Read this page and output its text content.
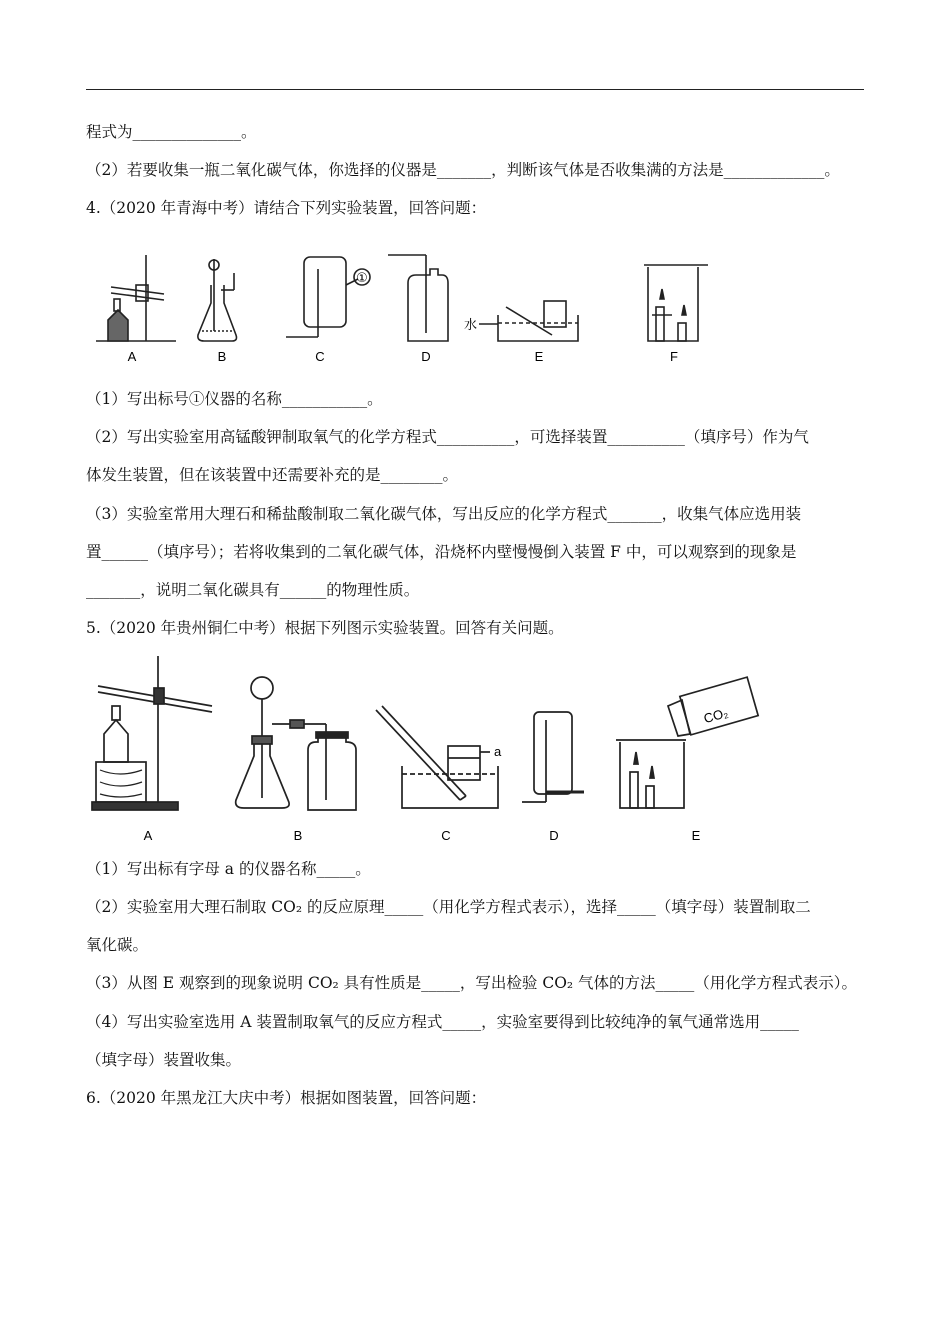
程式为______________。
（2）若要收集一瓶二氧化碳气体，你选择的仪器是_______，判断该气体是否收集满的方法是_____________。
4.（2020 年青海中考）请结合下列实验装置，回答问题：
A	B	C	D	E	F
①
水
（1）写出标号①仪器的名称___________。
（2）写出实验室用高锰酸钾制取氧气的化学方程式__________，可选择装置__________（填序号）作为气
体发生装置，但在该装置中还需要补充的是________。
（3）实验室常用大理石和稀盐酸制取二氧化碳气体，写出反应的化学方程式_______，收集气体应选用装
置______（填序号）；若将收集到的二氧化碳气体，沿烧杯内壁慢慢倒入装置 F 中，可以观察到的现象是
_______，说明二氧化碳具有______的物理性质。
5.（2020 年贵州铜仁中考）根据下列图示实验装置。回答有关问题。
A	B	C	D	E
a
CO₂
（1）写出标有字母 a 的仪器名称_____。
（2）实验室用大理石制取 CO₂ 的反应原理_____（用化学方程式表示），选择_____（填字母）装置制取二
氧化碳。
（3）从图 E 观察到的现象说明 CO₂ 具有性质是_____，写出检验 CO₂ 气体的方法_____（用化学方程式表示）。
（4）写出实验室选用 A 装置制取氧气的反应方程式_____，实验室要得到比较纯净的氧气通常选用_____
（填字母）装置收集。
6.（2020 年黑龙江大庆中考）根据如图装置，回答问题：
